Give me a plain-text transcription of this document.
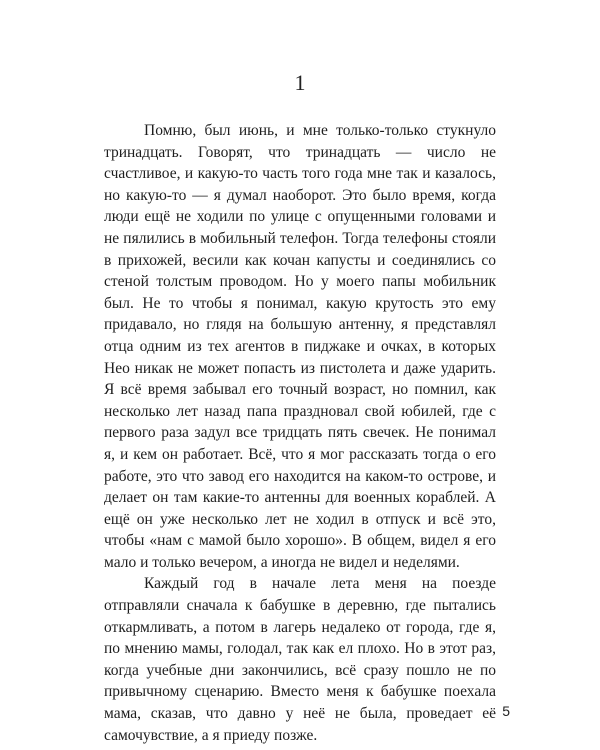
1

Помню, был июнь, и мне только-только стукнуло тринадцать. Говорят, что тринадцать — число не счастливое, и какую-то часть того года мне так и казалось, но какую-то — я думал наоборот. Это было время, когда люди ещё не ходили по улице с опущенными головами и не пялились в мобильный телефон. Тогда телефоны стояли в прихожей, весили как кочан капусты и соединялись со стеной толстым проводом. Но у моего папы мобильник был. Не то чтобы я понимал, какую крутость это ему придавало, но глядя на большую антенну, я представлял отца одним из тех агентов в пиджаке и очках, в которых Нео никак не может попасть из пистолета и даже ударить. Я всё время забывал его точный возраст, но помнил, как несколько лет назад папа праздновал свой юбилей, где с первого раза задул все тридцать пять свечек. Не понимал я, и кем он работает. Всё, что я мог рассказать тогда о его работе, это что завод его находится на каком-то острове, и делает он там какие-то антенны для военных кораблей. А ещё он уже несколько лет не ходил в отпуск и всё это, чтобы «нам с мамой было хорошо». В общем, видел я его мало и только вечером, а иногда не видел и неделями.

Каждый год в начале лета меня на поезде отправляли сначала к бабушке в деревню, где пытались откармливать, а потом в лагерь недалеко от города, где я, по мнению мамы, голодал, так как ел плохо. Но в этот раз, когда учебные дни закончились, всё сразу пошло не по привычному сценарию. Вместо меня к бабушке поехала мама, сказав, что давно у неё не была, проведает её самочувствие, а я приеду позже.

5
